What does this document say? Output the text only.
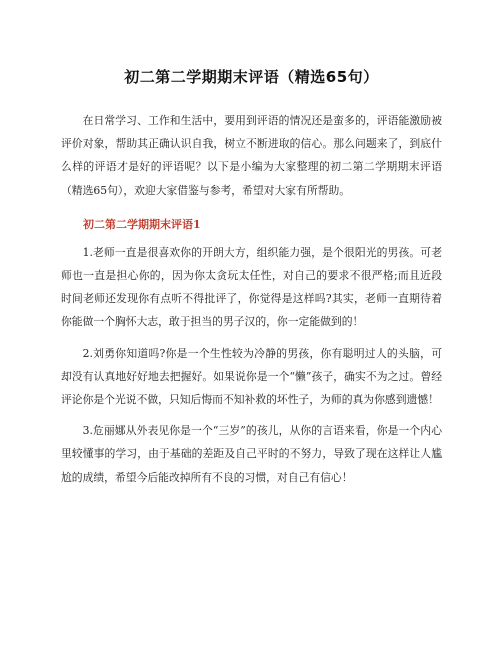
初二第二学期期末评语（精选65句）

在日常学习、工作和生活中，要用到评语的情况还是蛮多的，评语能激励被评价对象，帮助其正确认识自我，树立不断进取的信心。那么问题来了，到底什么样的评语才是好的评语呢？以下是小编为大家整理的初二第二学期期末评语（精选65句），欢迎大家借鉴与参考，希望对大家有所帮助。

初二第二学期期末评语1

1.老师一直是很喜欢你的开朗大方，组织能力强，是个很阳光的男孩。可老师也一直是担心你的，因为你太贪玩太任性，对自己的要求不很严格;而且近段时间老师还发现你有点听不得批评了，你觉得是这样吗?其实，老师一直期待着你能做一个胸怀大志，敢于担当的男子汉的，你一定能做到的！

2.刘勇你知道吗?你是一个生性较为冷静的男孩，你有聪明过人的头脑，可却没有认真地好好地去把握好。如果说你是一个“懒”孩子，确实不为之过。曾经评论你是个光说不做，只知后悔而不知补救的坏性子，为师的真为你感到遗憾！

3.危丽娜从外表见你是一个“三岁”的孩儿，从你的言语来看，你是一个内心里较懂事的学习，由于基础的差距及自己平时的不努力，导致了现在这样让人尴尬的成绩，希望今后能改掉所有不良的习惯，对自己有信心！
